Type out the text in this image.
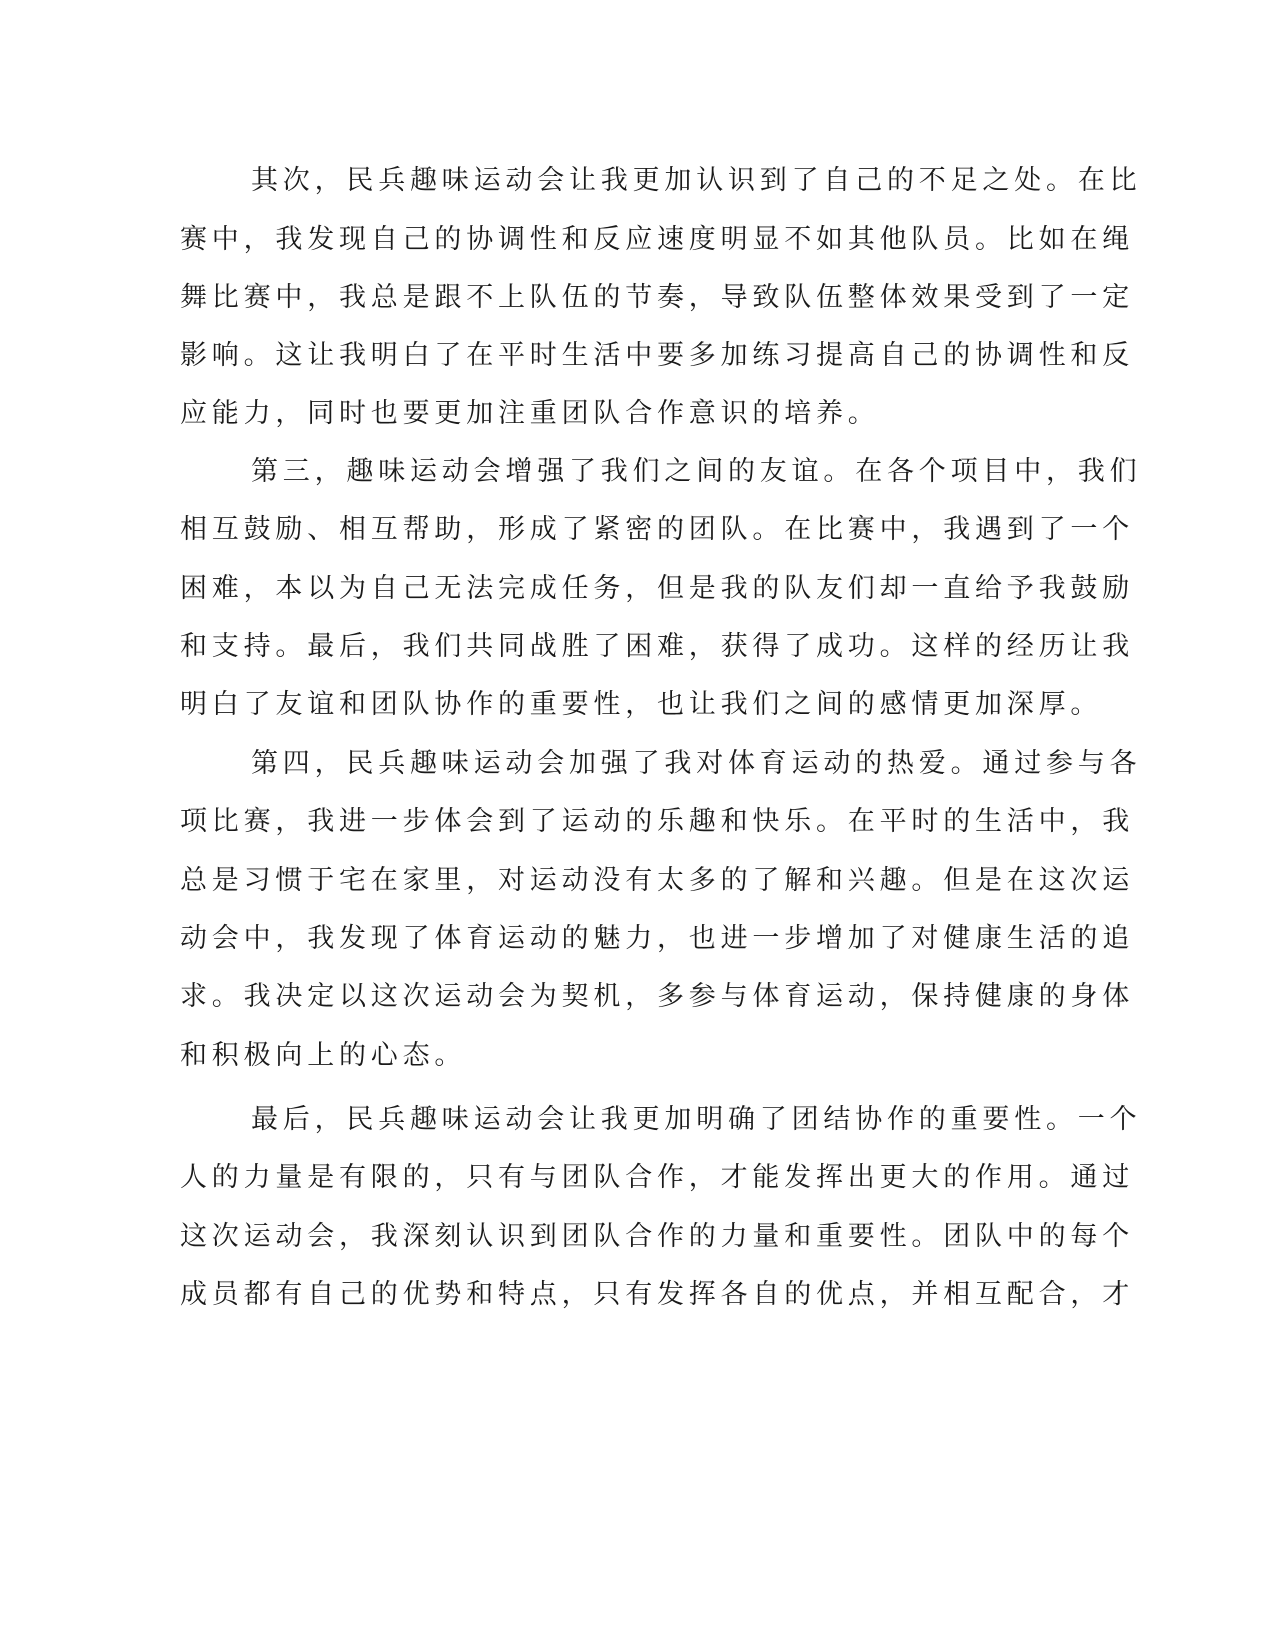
其次，民兵趣味运动会让我更加认识到了自己的不足之处。在比
赛中，我发现自己的协调性和反应速度明显不如其他队员。比如在绳
舞比赛中，我总是跟不上队伍的节奏，导致队伍整体效果受到了一定
影响。这让我明白了在平时生活中要多加练习提高自己的协调性和反
应能力，同时也要更加注重团队合作意识的培养。
第三，趣味运动会增强了我们之间的友谊。在各个项目中，我们
相互鼓励、相互帮助，形成了紧密的团队。在比赛中，我遇到了一个
困难，本以为自己无法完成任务，但是我的队友们却一直给予我鼓励
和支持。最后，我们共同战胜了困难，获得了成功。这样的经历让我
明白了友谊和团队协作的重要性，也让我们之间的感情更加深厚。
第四，民兵趣味运动会加强了我对体育运动的热爱。通过参与各
项比赛，我进一步体会到了运动的乐趣和快乐。在平时的生活中，我
总是习惯于宅在家里，对运动没有太多的了解和兴趣。但是在这次运
动会中，我发现了体育运动的魅力，也进一步增加了对健康生活的追
求。我决定以这次运动会为契机，多参与体育运动，保持健康的身体
和积极向上的心态。
最后，民兵趣味运动会让我更加明确了团结协作的重要性。一个
人的力量是有限的，只有与团队合作，才能发挥出更大的作用。通过
这次运动会，我深刻认识到团队合作的力量和重要性。团队中的每个
成员都有自己的优势和特点，只有发挥各自的优点，并相互配合，才
